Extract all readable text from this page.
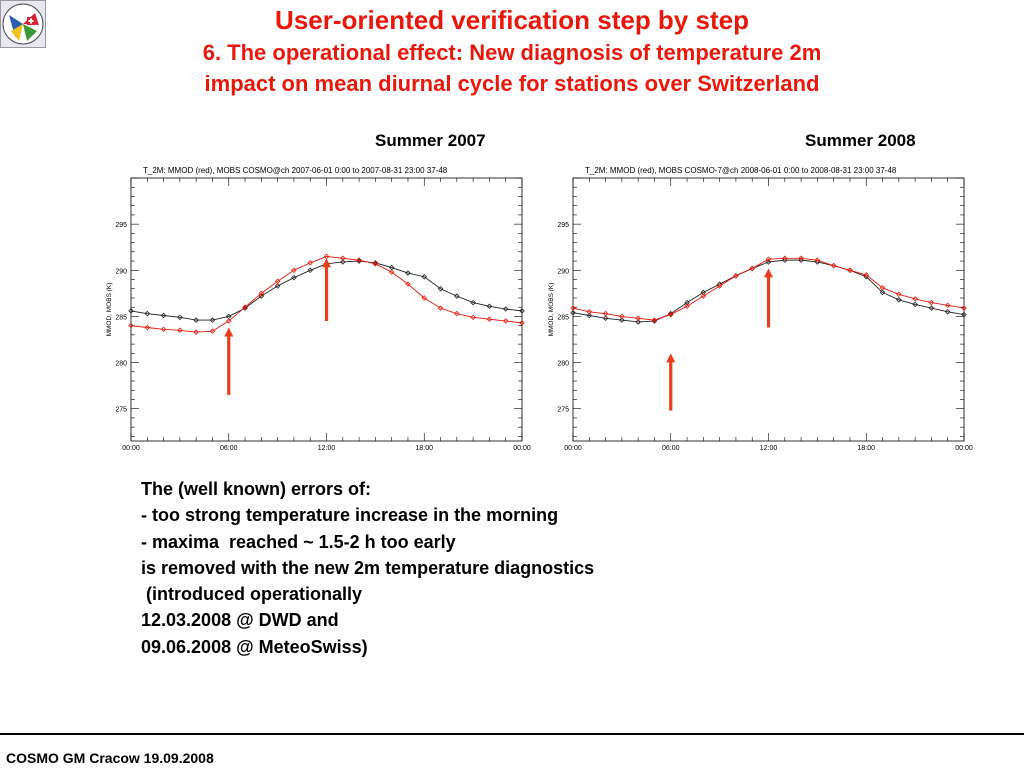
User-oriented verification step by step
6. The operational effect: New diagnosis of temperature 2m
impact on mean diurnal cycle for stations over Switzerland
Summer 2007	Summer 2008
T_2M: MMOD (red), MOBS COSMO@ch 2007-06-01 0:00 to 2007-08-31 23:00 37-48
275
280
285
290
295
00:00	06:00	12:00	18:00	00:00
MMOD, MOBS (K)
T_2M: MMOD (red), MOBS COSMO-7@ch 2008-06-01 0:00 to 2008-08-31 23:00 37-48
275
280
285
290
295
00:00	06:00	12:00	18:00	00:00
MMOD, MOBS (K)
The (well known) errors of:
- too strong temperature increase in the morning
- maxima  reached ~ 1.5-2 h too early
is removed with the new 2m temperature diagnostics
(introduced operationally
12.03.2008 @ DWD and
09.06.2008 @ MeteoSwiss)
COSMO GM Cracow 19.09.2008
